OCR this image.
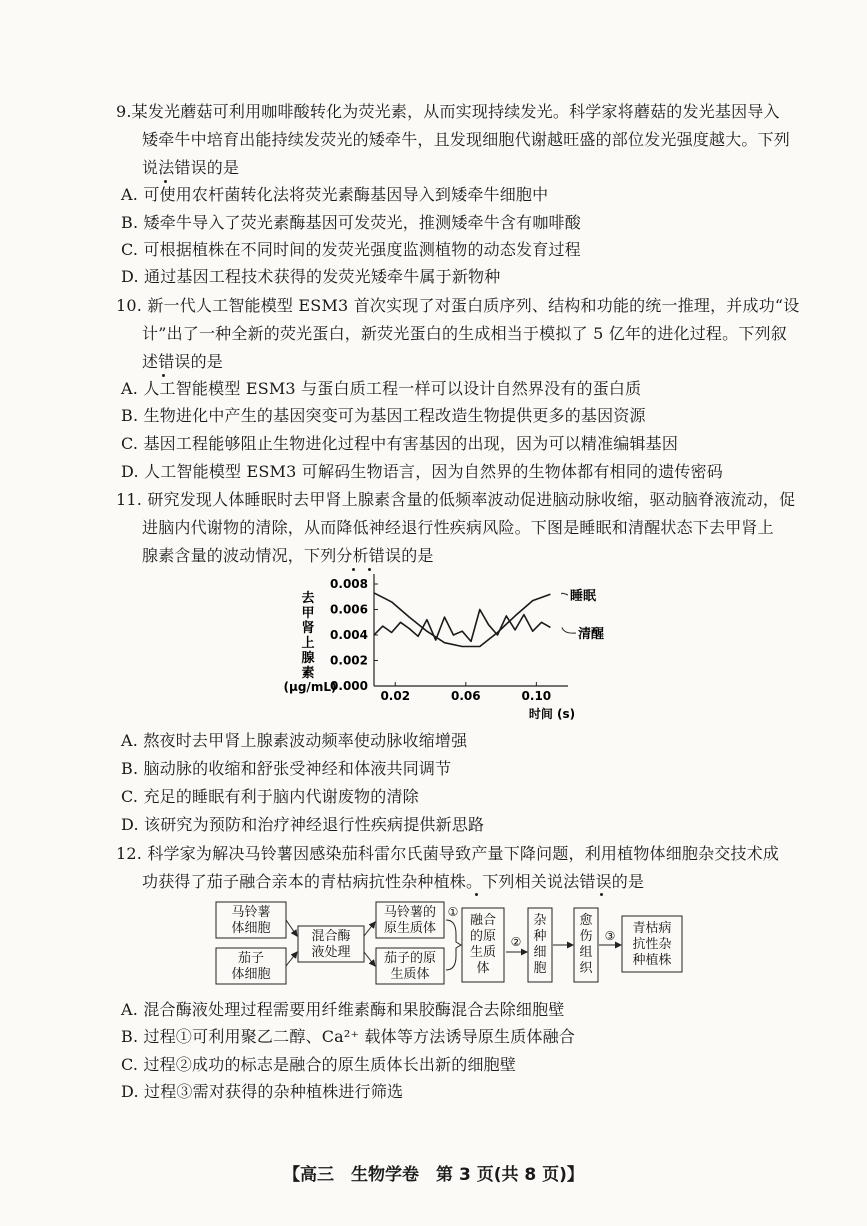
9.某发光蘑菇可利用咖啡酸转化为荧光素，从而实现持续发光。科学家将蘑菇的发光基因导入
矮牵牛中培育出能持续发荧光的矮牵牛，且发现细胞代谢越旺盛的部位发光强度越大。下列
说法错误的是
A. 可使用农杆菌转化法将荧光素酶基因导入到矮牵牛细胞中
B. 矮牵牛导入了荧光素酶基因可发荧光，推测矮牵牛含有咖啡酸
C. 可根据植株在不同时间的发荧光强度监测植物的动态发育过程
D. 通过基因工程技术获得的发荧光矮牵牛属于新物种
10. 新一代人工智能模型 ESM3 首次实现了对蛋白质序列、结构和功能的统一推理，并成功“设
计”出了一种全新的荧光蛋白，新荧光蛋白的生成相当于模拟了 5 亿年的进化过程。下列叙
述错误的是
A. 人工智能模型 ESM3 与蛋白质工程一样可以设计自然界没有的蛋白质
B. 生物进化中产生的基因突变可为基因工程改造生物提供更多的基因资源
C. 基因工程能够阻止生物进化过程中有害基因的出现，因为可以精准编辑基因
D. 人工智能模型 ESM3 可解码生物语言，因为自然界的生物体都有相同的遗传密码
11. 研究发现人体睡眠时去甲肾上腺素含量的低频率波动促进脑动脉收缩，驱动脑脊液流动，促
进脑内代谢物的清除，从而降低神经退行性疾病风险。下图是睡眠和清醒状态下去甲肾上
腺素含量的波动情况，下列分析错误的是
去
甲
肾
上
腺
素
(μg/mL)
0.008
0.006
0.004
0.002
0.000
0.02	0.06	0.10
时间 (s)
睡眠
清醒
A. 熬夜时去甲肾上腺素波动频率使动脉收缩增强
B. 脑动脉的收缩和舒张受神经和体液共同调节
C. 充足的睡眠有利于脑内代谢废物的清除
D. 该研究为预防和治疗神经退行性疾病提供新思路
12. 科学家为解决马铃薯因感染茄科雷尔氏菌导致产量下降问题，利用植物体细胞杂交技术成
功获得了茄子融合亲本的青枯病抗性杂种植株。下列相关说法错误的是
马铃薯
体细胞
茄子
体细胞
混合酶
液处理
马铃薯的
原生质体
茄子的原
生质体
融合
的原
生质
体
杂
种
细
胞
愈
伤
组
织
青枯病
抗性杂
种植株
①
②	③
A. 混合酶液处理过程需要用纤维素酶和果胶酶混合去除细胞壁
B. 过程①可利用聚乙二醇、Ca²⁺ 载体等方法诱导原生质体融合
C. 过程②成功的标志是融合的原生质体长出新的细胞壁
D. 过程③需对获得的杂种植株进行筛选
【高三　生物学卷　第 3 页(共 8 页)】
